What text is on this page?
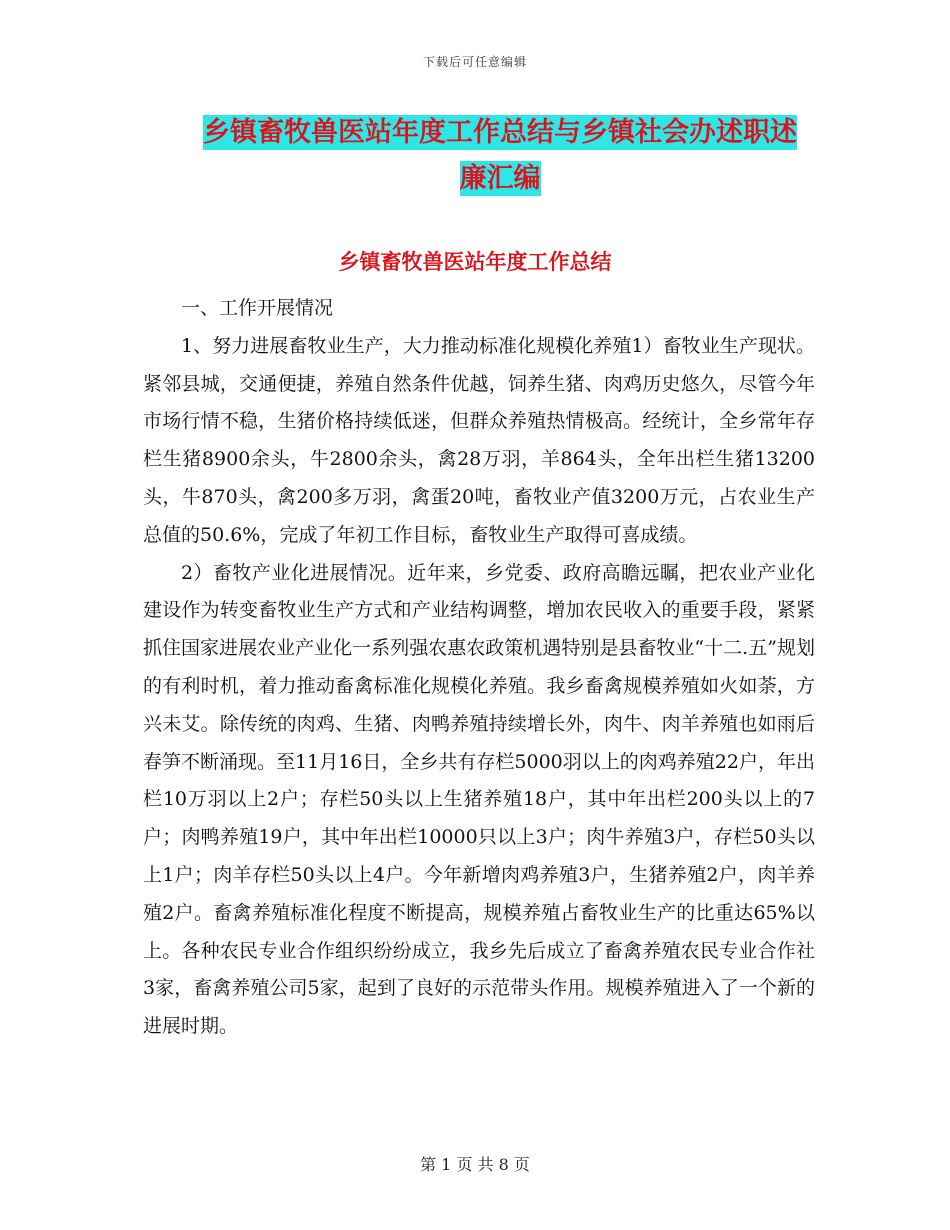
下载后可任意编辑
乡镇畜牧兽医站年度工作总结与乡镇社会办述职述廉汇编
乡镇畜牧兽医站年度工作总结

一、工作开展情况

1、努力进展畜牧业生产，大力推动标准化规模化养殖1）畜牧业生产现状。紧邻县城，交通便捷，养殖自然条件优越，饲养生猪、肉鸡历史悠久，尽管今年市场行情不稳，生猪价格持续低迷，但群众养殖热情极高。经统计，全乡常年存栏生猪8900余头，牛2800余头，禽28万羽，羊864头，全年出栏生猪13200头，牛870头，禽200多万羽，禽蛋20吨，畜牧业产值3200万元，占农业生产总值的50.6%，完成了年初工作目标，畜牧业生产取得可喜成绩。

2）畜牧产业化进展情况。近年来，乡党委、政府高瞻远瞩，把农业产业化建设作为转变畜牧业生产方式和产业结构调整，增加农民收入的重要手段，紧紧抓住国家进展农业产业化一系列强农惠农政策机遇特别是县畜牧业“十二.五”规划的有利时机，着力推动畜禽标准化规模化养殖。我乡畜禽规模养殖如火如荼，方兴未艾。除传统的肉鸡、生猪、肉鸭养殖持续增长外，肉牛、肉羊养殖也如雨后春笋不断涌现。至11月16日，全乡共有存栏5000羽以上的肉鸡养殖22户，年出栏10万羽以上2户；存栏50头以上生猪养殖18户，其中年出栏200头以上的7户；肉鸭养殖19户，其中年出栏10000只以上3户；肉牛养殖3户，存栏50头以上1户；肉羊存栏50头以上4户。今年新增肉鸡养殖3户，生猪养殖2户，肉羊养殖2户。畜禽养殖标准化程度不断提高，规模养殖占畜牧业生产的比重达65%以上。各种农民专业合作组织纷纷成立，我乡先后成立了畜禽养殖农民专业合作社3家，畜禽养殖公司5家，起到了良好的示范带头作用。规模养殖进入了一个新的进展时期。

第 1 页 共 8 页
